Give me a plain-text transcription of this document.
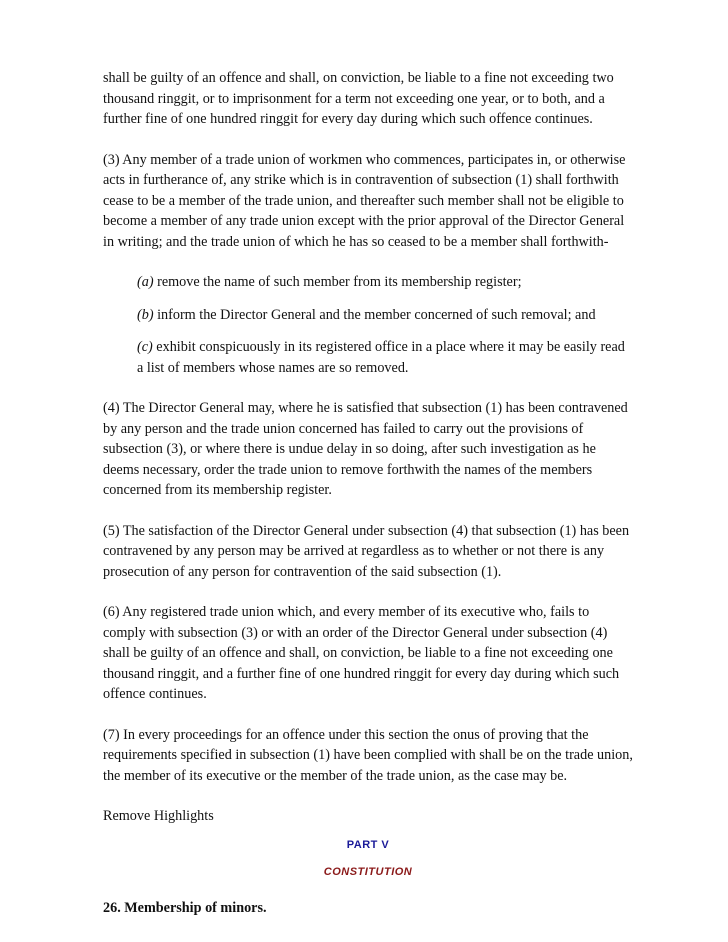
shall be guilty of an offence and shall, on conviction, be liable to a fine not exceeding two thousand ringgit, or to imprisonment for a term not exceeding one year, or to both, and a further fine of one hundred ringgit for every day during which such offence continues.

(3) Any member of a trade union of workmen who commences, participates in, or otherwise acts in furtherance of, any strike which is in contravention of subsection (1) shall forthwith cease to be a member of the trade union, and thereafter such member shall not be eligible to become a member of any trade union except with the prior approval of the Director General in writing; and the trade union of which he has so ceased to be a member shall forthwith-

(a) remove the name of such member from its membership register;

(b) inform the Director General and the member concerned of such removal; and

(c) exhibit conspicuously in its registered office in a place where it may be easily read a list of members whose names are so removed.

(4) The Director General may, where he is satisfied that subsection (1) has been contravened by any person and the trade union concerned has failed to carry out the provisions of subsection (3), or where there is undue delay in so doing, after such investigation as he deems necessary, order the trade union to remove forthwith the names of the members concerned from its membership register.

(5) The satisfaction of the Director General under subsection (4) that subsection (1) has been contravened by any person may be arrived at regardless as to whether or not there is any prosecution of any person for contravention of the said subsection (1).

(6) Any registered trade union which, and every member of its executive who, fails to comply with subsection (3) or with an order of the Director General under subsection (4) shall be guilty of an offence and shall, on conviction, be liable to a fine not exceeding one thousand ringgit, and a further fine of one hundred ringgit for every day during which such offence continues.

(7) In every proceedings for an offence under this section the onus of proving that the requirements specified in subsection (1) have been complied with shall be on the trade union, the member of its executive or the member of the trade union, as the case may be.

Remove Highlights

PART V
CONSTITUTION

26. Membership of minors.
